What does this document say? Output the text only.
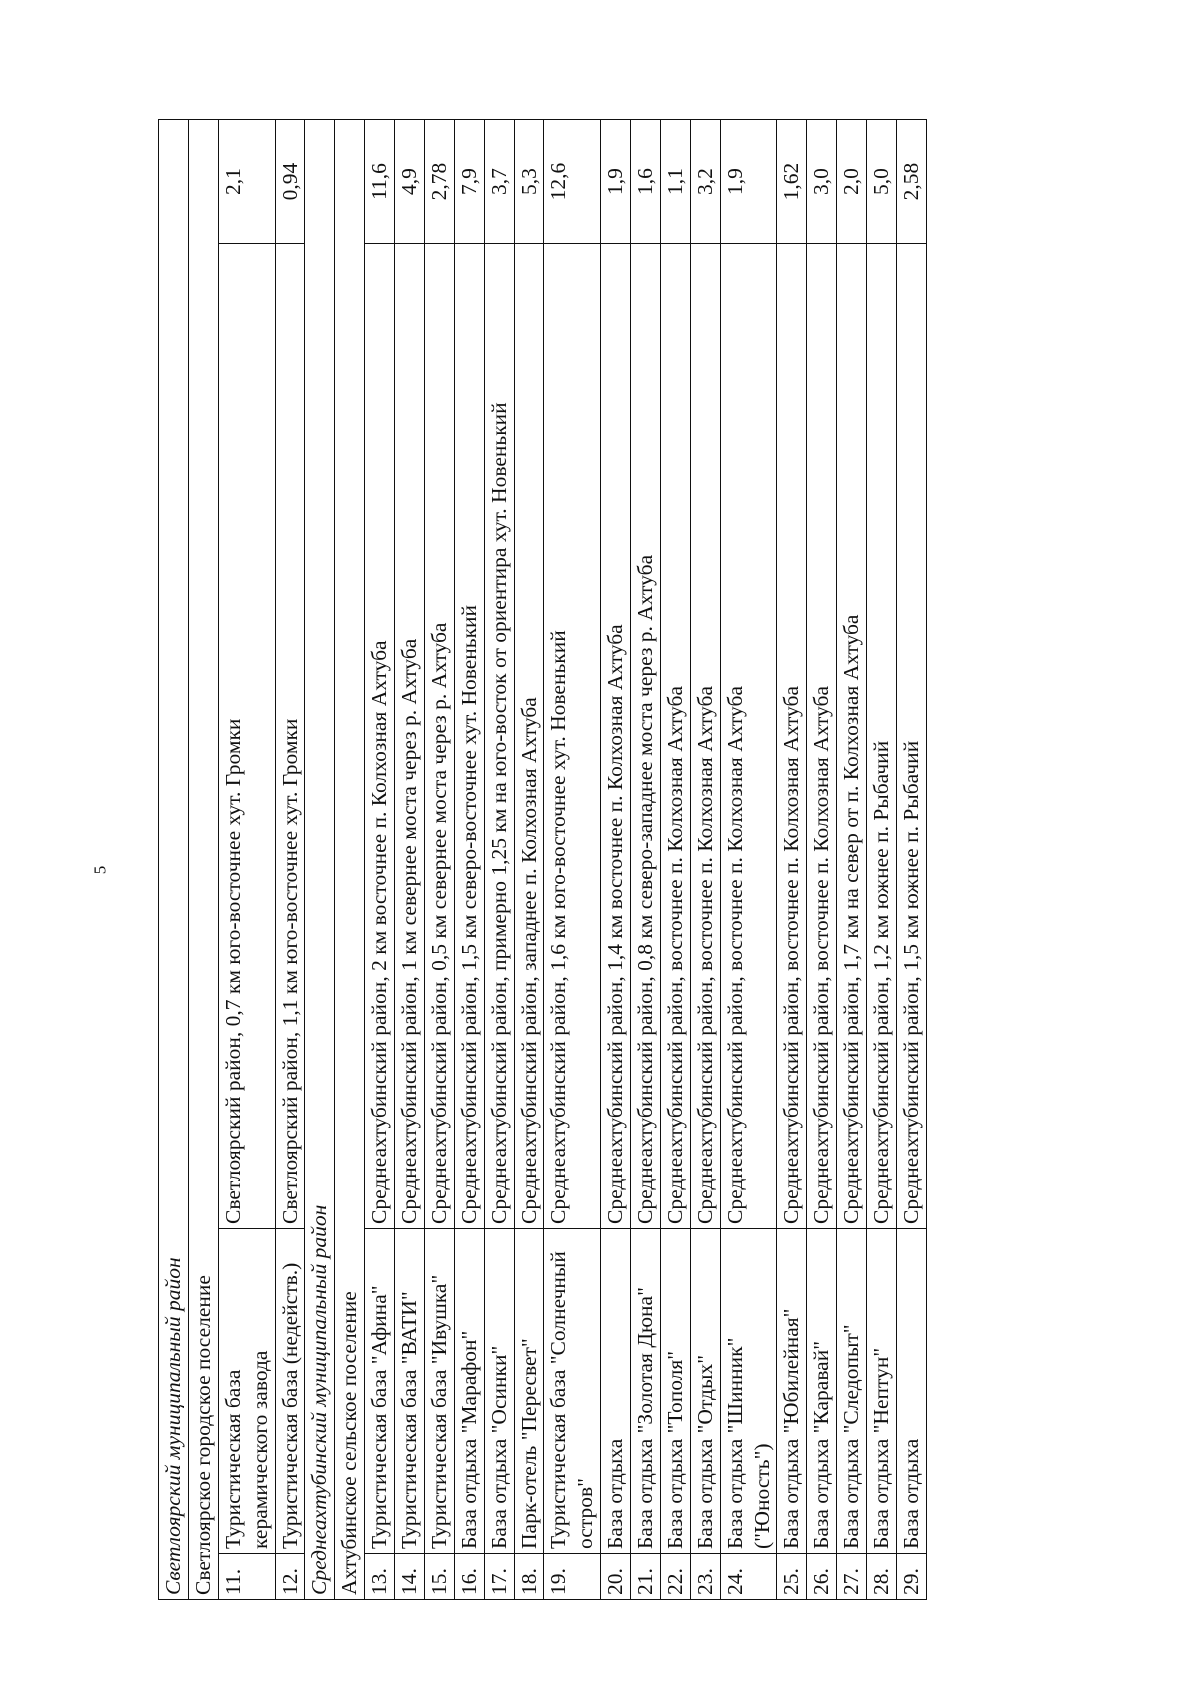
5
Светлоярский муниципальный район			
Светлоярское городское поселение			
11.	Туристическая база керамического завода	Светлоярский район, 0,7 км юго-восточнее хут. Громки	2,1
12.	Туристическая база (недейств.)	Светлоярский район, 1,1 км юго-восточнее хут. Громки	0,94
Среднеахтубинский муниципальный район			
Ахтубинское сельское поселение			
13.	Туристическая база "Афина"	Среднеахтубинский район, 2 км восточнее п. Колхозная Ахтуба	11,6
14.	Туристическая база "ВАТИ"	Среднеахтубинский район, 1 км севернее моста через р. Ахтуба	4,9
15.	Туристическая база "Ивушка"	Среднеахтубинский район, 0,5 км севернее моста через р. Ахтуба	2,78
16.	База отдыха "Марафон"	Среднеахтубинский район, 1,5 км северо-восточнее хут. Новенький	7,9
17.	База отдыха "Осинки"	Среднеахтубинский район, примерно 1,25 км на юго-восток от ориентира хут. Новенький	3,7
18.	Парк-отель "Пересвет"	Среднеахтубинский район, западнее п. Колхозная Ахтуба	5,3
19.	Туристическая база "Солнечный остров"	Среднеахтубинский район, 1,6 км юго-восточнее хут. Новенький	12,6
20.	База отдыха	Среднеахтубинский район, 1,4 км восточнее п. Колхозная Ахтуба	1,9
21.	База отдыха "Золотая Дюна"	Среднеахтубинский район, 0,8 км северо-западнее моста через р. Ахтуба	1,6
22.	База отдыха "Тополя"	Среднеахтубинский район, восточнее п. Колхозная Ахтуба	1,1
23.	База отдыха "Отдых"	Среднеахтубинский район, восточнее п. Колхозная Ахтуба	3,2
24.	База отдыха "Шинник" ("Юность")	Среднеахтубинский район, восточнее п. Колхозная Ахтуба	1,9
25.	База отдыха "Юбилейная"	Среднеахтубинский район, восточнее п. Колхозная Ахтуба	1,62
26.	База отдыха "Каравай"	Среднеахтубинский район, восточнее п. Колхозная Ахтуба	3,0
27.	База отдыха "Следопыт"	Среднеахтубинский район, 1,7 км на север от п. Колхозная Ахтуба	2,0
28.	База отдыха "Нептун"	Среднеахтубинский район, 1,2 км южнее п. Рыбачий	5,0
29.	База отдыха	Среднеахтубинский район, 1,5 км южнее п. Рыбачий	2,58
